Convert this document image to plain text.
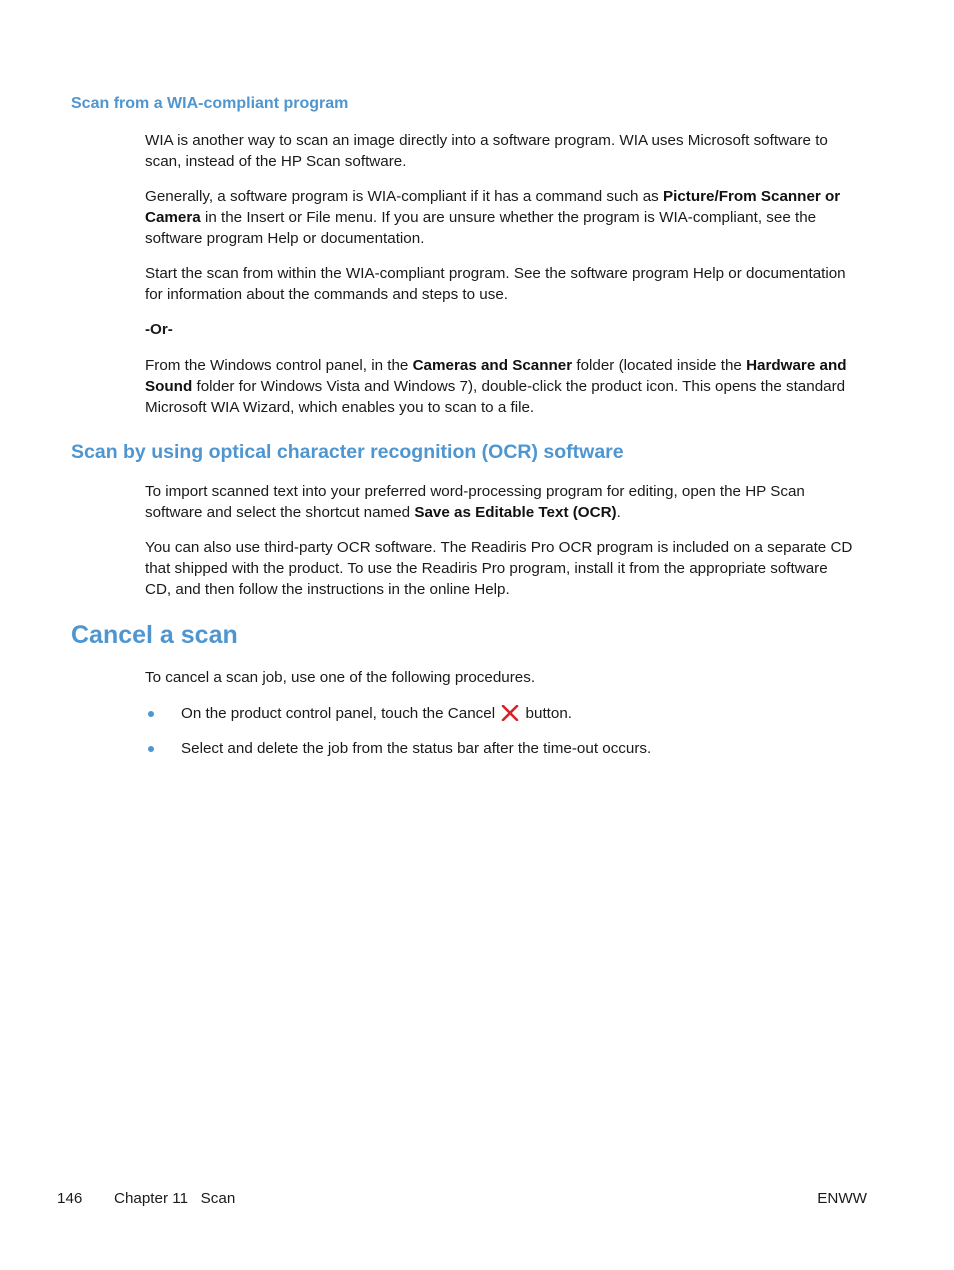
Scan from a WIA-compliant program

WIA is another way to scan an image directly into a software program. WIA uses Microsoft software to scan, instead of the HP Scan software.

Generally, a software program is WIA-compliant if it has a command such as Picture/From Scanner or Camera in the Insert or File menu. If you are unsure whether the program is WIA-compliant, see the software program Help or documentation.

Start the scan from within the WIA-compliant program. See the software program Help or documentation for information about the commands and steps to use.

-Or-

From the Windows control panel, in the Cameras and Scanner folder (located inside the Hardware and Sound folder for Windows Vista and Windows 7), double-click the product icon. This opens the standard Microsoft WIA Wizard, which enables you to scan to a file.

Scan by using optical character recognition (OCR) software

To import scanned text into your preferred word-processing program for editing, open the HP Scan software and select the shortcut named Save as Editable Text (OCR).

You can also use third-party OCR software. The Readiris Pro OCR program is included on a separate CD that shipped with the product. To use the Readiris Pro program, install it from the appropriate software CD, and then follow the instructions in the online Help.

Cancel a scan

To cancel a scan job, use one of the following procedures.

On the product control panel, touch the Cancel button.
Select and delete the job from the status bar after the time-out occurs.
146 Chapter 11   Scan	ENWW
